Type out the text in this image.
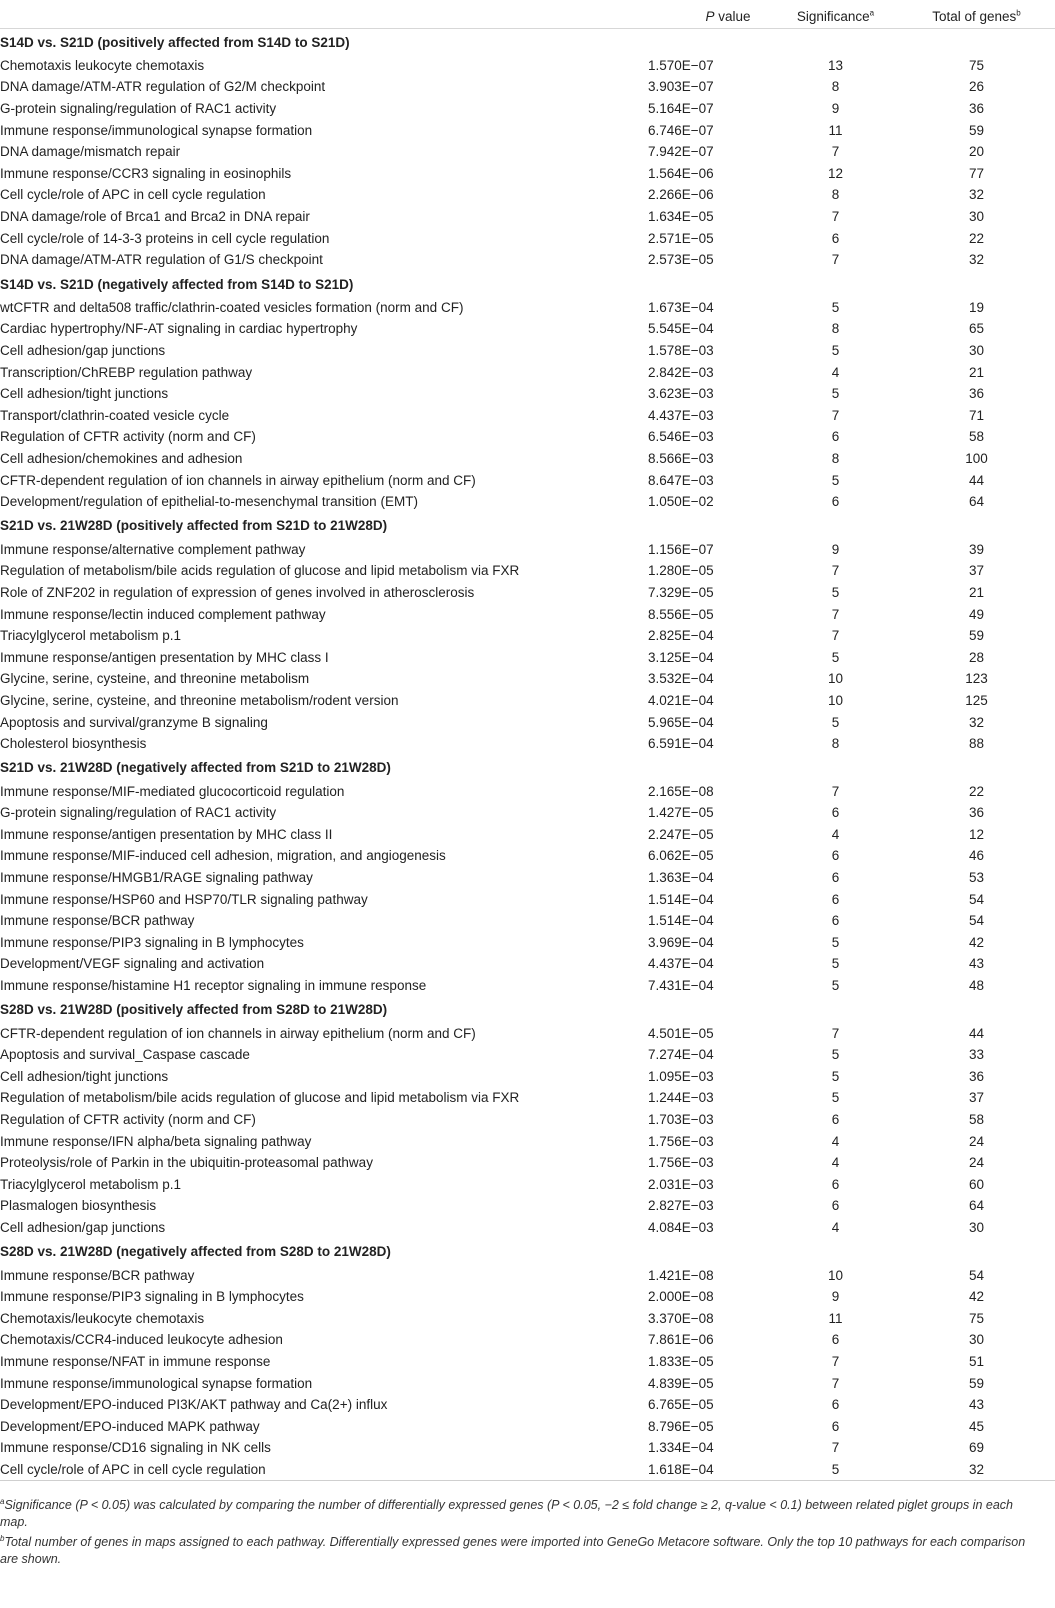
	P value	Significance$^a$	Total of genes$^b$
S14D vs. S21D (positively affected from S14D to S21D)			
Chemotaxis leukocyte chemotaxis	1.570E−07	13	75
DNA damage/ATM-ATR regulation of G2/M checkpoint	3.903E−07	8	26
G-protein signaling/regulation of RAC1 activity	5.164E−07	9	36
Immune response/immunological synapse formation	6.746E−07	11	59
DNA damage/mismatch repair	7.942E−07	7	20
Immune response/CCR3 signaling in eosinophils	1.564E−06	12	77
Cell cycle/role of APC in cell cycle regulation	2.266E−06	8	32
DNA damage/role of Brca1 and Brca2 in DNA repair	1.634E−05	7	30
Cell cycle/role of 14-3-3 proteins in cell cycle regulation	2.571E−05	6	22
DNA damage/ATM-ATR regulation of G1/S checkpoint	2.573E−05	7	32
S14D vs. S21D (negatively affected from S14D to S21D)			
wtCFTR and delta508 traffic/clathrin-coated vesicles formation (norm and CF)	1.673E−04	5	19
Cardiac hypertrophy/NF-AT signaling in cardiac hypertrophy	5.545E−04	8	65
Cell adhesion/gap junctions	1.578E−03	5	30
Transcription/ChREBP regulation pathway	2.842E−03	4	21
Cell adhesion/tight junctions	3.623E−03	5	36
Transport/clathrin-coated vesicle cycle	4.437E−03	7	71
Regulation of CFTR activity (norm and CF)	6.546E−03	6	58
Cell adhesion/chemokines and adhesion	8.566E−03	8	100
CFTR-dependent regulation of ion channels in airway epithelium (norm and CF)	8.647E−03	5	44
Development/regulation of epithelial-to-mesenchymal transition (EMT)	1.050E−02	6	64
S21D vs. 21W28D (positively affected from S21D to 21W28D)			
Immune response/alternative complement pathway	1.156E−07	9	39
Regulation of metabolism/bile acids regulation of glucose and lipid metabolism via FXR	1.280E−05	7	37
Role of ZNF202 in regulation of expression of genes involved in atherosclerosis	7.329E−05	5	21
Immune response/lectin induced complement pathway	8.556E−05	7	49
Triacylglycerol metabolism p.1	2.825E−04	7	59
Immune response/antigen presentation by MHC class I	3.125E−04	5	28
Glycine, serine, cysteine, and threonine metabolism	3.532E−04	10	123
Glycine, serine, cysteine, and threonine metabolism/rodent version	4.021E−04	10	125
Apoptosis and survival/granzyme B signaling	5.965E−04	5	32
Cholesterol biosynthesis	6.591E−04	8	88
S21D vs. 21W28D (negatively affected from S21D to 21W28D)			
Immune response/MIF-mediated glucocorticoid regulation	2.165E−08	7	22
G-protein signaling/regulation of RAC1 activity	1.427E−05	6	36
Immune response/antigen presentation by MHC class II	2.247E−05	4	12
Immune response/MIF-induced cell adhesion, migration, and angiogenesis	6.062E−05	6	46
Immune response/HMGB1/RAGE signaling pathway	1.363E−04	6	53
Immune response/HSP60 and HSP70/TLR signaling pathway	1.514E−04	6	54
Immune response/BCR pathway	1.514E−04	6	54
Immune response/PIP3 signaling in B lymphocytes	3.969E−04	5	42
Development/VEGF signaling and activation	4.437E−04	5	43
Immune response/histamine H1 receptor signaling in immune response	7.431E−04	5	48
S28D vs. 21W28D (positively affected from S28D to 21W28D)			
CFTR-dependent regulation of ion channels in airway epithelium (norm and CF)	4.501E−05	7	44
Apoptosis and survival_Caspase cascade	7.274E−04	5	33
Cell adhesion/tight junctions	1.095E−03	5	36
Regulation of metabolism/bile acids regulation of glucose and lipid metabolism via FXR	1.244E−03	5	37
Regulation of CFTR activity (norm and CF)	1.703E−03	6	58
Immune response/IFN alpha/beta signaling pathway	1.756E−03	4	24
Proteolysis/role of Parkin in the ubiquitin-proteasomal pathway	1.756E−03	4	24
Triacylglycerol metabolism p.1	2.031E−03	6	60
Plasmalogen biosynthesis	2.827E−03	6	64
Cell adhesion/gap junctions	4.084E−03	4	30
S28D vs. 21W28D (negatively affected from S28D to 21W28D)			
Immune response/BCR pathway	1.421E−08	10	54
Immune response/PIP3 signaling in B lymphocytes	2.000E−08	9	42
Chemotaxis/leukocyte chemotaxis	3.370E−08	11	75
Chemotaxis/CCR4-induced leukocyte adhesion	7.861E−06	6	30
Immune response/NFAT in immune response	1.833E−05	7	51
Immune response/immunological synapse formation	4.839E−05	7	59
Development/EPO-induced PI3K/AKT pathway and Ca(2+) influx	6.765E−05	6	43
Development/EPO-induced MAPK pathway	8.796E−05	6	45
Immune response/CD16 signaling in NK cells	1.334E−04	7	69
Cell cycle/role of APC in cell cycle regulation	1.618E−04	5	32

$^a$Significance (P < 0.05) was calculated by comparing the number of differentially expressed genes (P < 0.05, −2 ≤ fold change ≥ 2, q-value < 0.1) between related piglet groups in each map.

$^b$Total number of genes in maps assigned to each pathway. Differentially expressed genes were imported into GeneGo Metacore software. Only the top 10 pathways for each comparison are shown.
